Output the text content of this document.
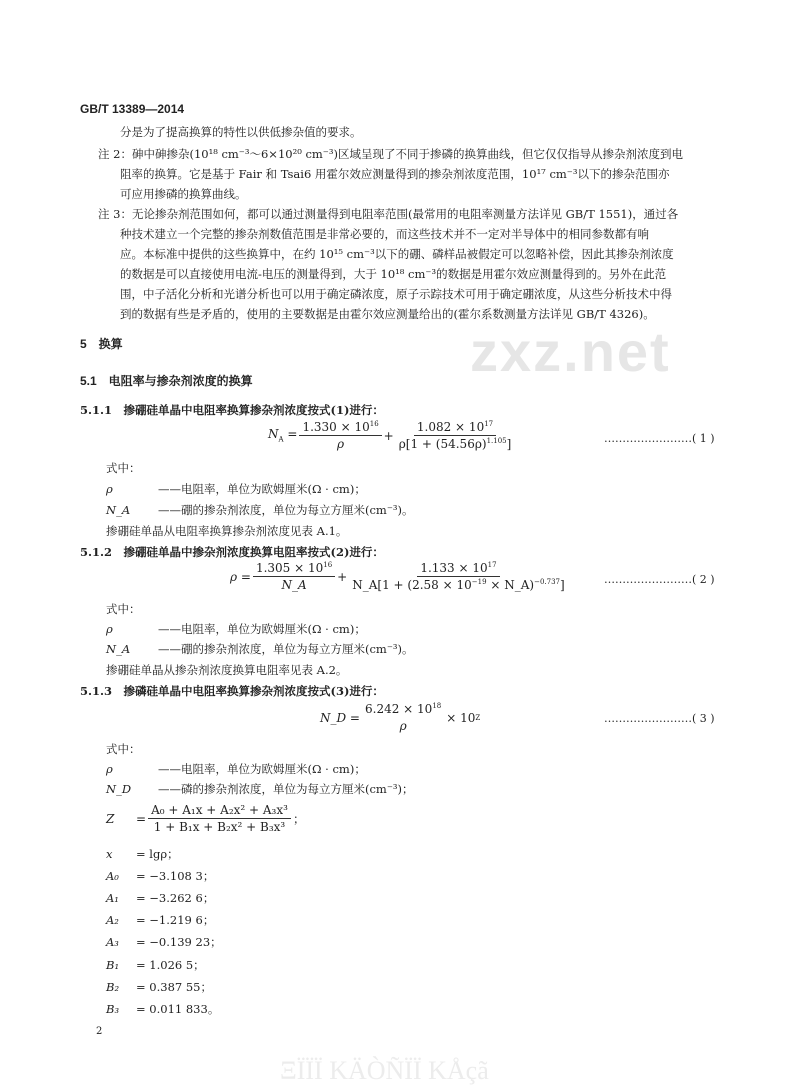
zxz.net
ΞÏÏÏ KÄÒÑÏÏ KÅçã
GB/T 13389—2014
分是为了提高换算的特性以供低掺杂值的要求。
注 2：砷中砷掺杂(10¹⁸ cm⁻³～6×10²⁰ cm⁻³)区域呈现了不同于掺磷的换算曲线，但它仅仅指导从掺杂剂浓度到电
阻率的换算。它是基于 Fair 和 Tsai6 用霍尔效应测量得到的掺杂剂浓度范围，10¹⁷ cm⁻³以下的掺杂范围亦
可应用掺磷的换算曲线。
注 3：无论掺杂剂范围如何，都可以通过测量得到电阻率范围(最常用的电阻率测量方法详见 GB/T 1551)，通过各
种技术建立一个完整的掺杂剂数值范围是非常必要的，而这些技术并不一定对半导体中的相同参数都有响
应。本标准中提供的这些换算中，在约 10¹⁵ cm⁻³以下的硼、磷样品被假定可以忽略补偿，因此其掺杂剂浓度
的数据是可以直接使用电流-电压的测量得到，大于 10¹⁸ cm⁻³的数据是用霍尔效应测量得到的。另外在此范
围，中子活化分析和光谱分析也可以用于确定磷浓度，原子示踪技术可用于确定硼浓度，从这些分析技术中得
到的数据有些是矛盾的，使用的主要数据是由霍尔效应测量给出的(霍尔系数测量方法详见 GB/T 4326)。
5　换算
5.1　电阻率与掺杂剂浓度的换算
5.1.1　掺硼硅单晶中电阻率换算掺杂剂浓度按式(1)进行：
$N_A = \frac{1.330 \times 10^{16}}{\rho} + \frac{1.082 \times 10^{17}}{\rho[1 + (54.56\rho)^{1.105}]}$	……………………( 1 )
式中：
ρ	——电阻率，单位为欧姆厘米(Ω · cm)；
N_A ——硼的掺杂剂浓度，单位为每立方厘米(cm⁻³)。
掺硼硅单晶从电阻率换算掺杂剂浓度见表 A.1。
5.1.2　掺硼硅单晶中掺杂剂浓度换算电阻率按式(2)进行：
$\rho = \frac{1.305 \times 10^{16}}{N\_A} + \frac{1.133 \times 10^{17}}{N\_A[1 + (2.58 \times 10^{-19} \times N\_A)^{-0.737}]}$	……………………( 2 )
式中：
ρ	——电阻率，单位为欧姆厘米(Ω · cm)；
N_A ——硼的掺杂剂浓度，单位为每立方厘米(cm⁻³)。
掺硼硅单晶从掺杂剂浓度换算电阻率见表 A.2。
5.1.3　掺磷硅单晶中电阻率换算掺杂剂浓度按式(3)进行：
N_D = $\frac{6.242 \times 10^{18}}{\rho} \times 10$ Z	……………………( 3 )
式中：
ρ	——电阻率，单位为欧姆厘米(Ω · cm)；
N_D ——磷的掺杂剂浓度，单位为每立方厘米(cm⁻³)；
Z	= $\frac{\text{A₀ + A₁x + A₂x² + A₃x³}}{\text{1 + B₁x + B₂x² + B₃x³}}$ ；
x = lgρ；
A₀ = −3.108 3；
A₁ = −3.262 6；
A₂ = −1.219 6；
A₃ = −0.139 23；
B₁ = 1.026 5；
B₂ = 0.387 55；
B₃ = 0.011 833。
2
